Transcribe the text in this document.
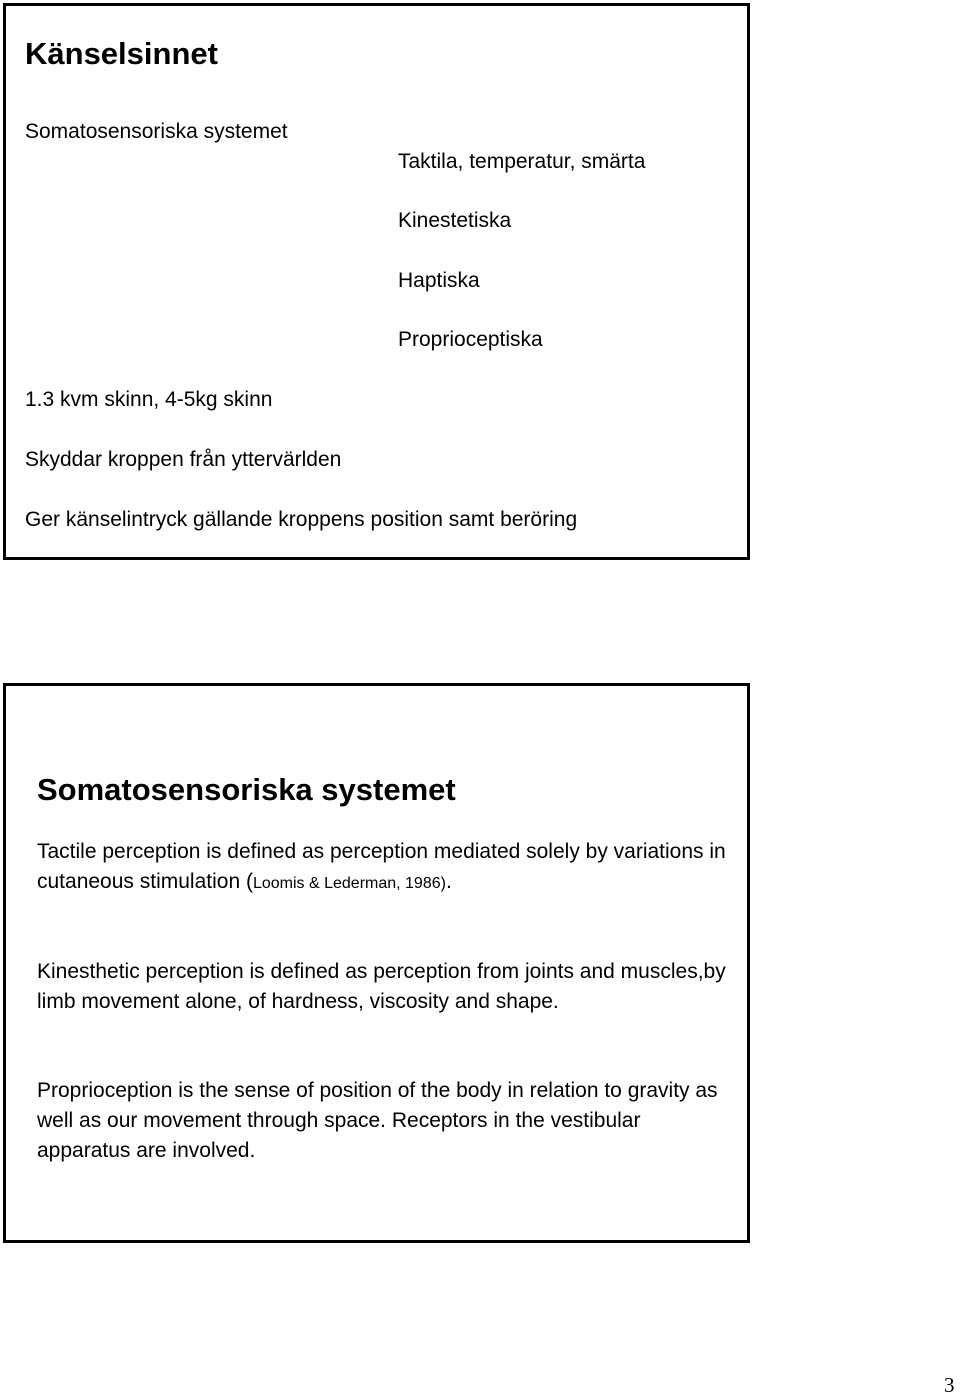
Känselsinnet

Somatosensoriska systemet

Taktila, temperatur, smärta

Kinestetiska

Haptiska

Proprioceptiska

1.3 kvm skinn, 4-5kg skinn

Skyddar kroppen från yttervärlden

Ger känselintryck gällande kroppens position samt beröring

Somatosensoriska systemet

Tactile perception is defined as perception mediated solely by variations in cutaneous stimulation (Loomis & Lederman, 1986).

Kinesthetic perception is defined as perception from joints and muscles,by limb movement alone, of hardness, viscosity and shape.

Proprioception is the sense of position of the body in relation to gravity as well as our movement through space. Receptors in the vestibular apparatus are involved.

3
